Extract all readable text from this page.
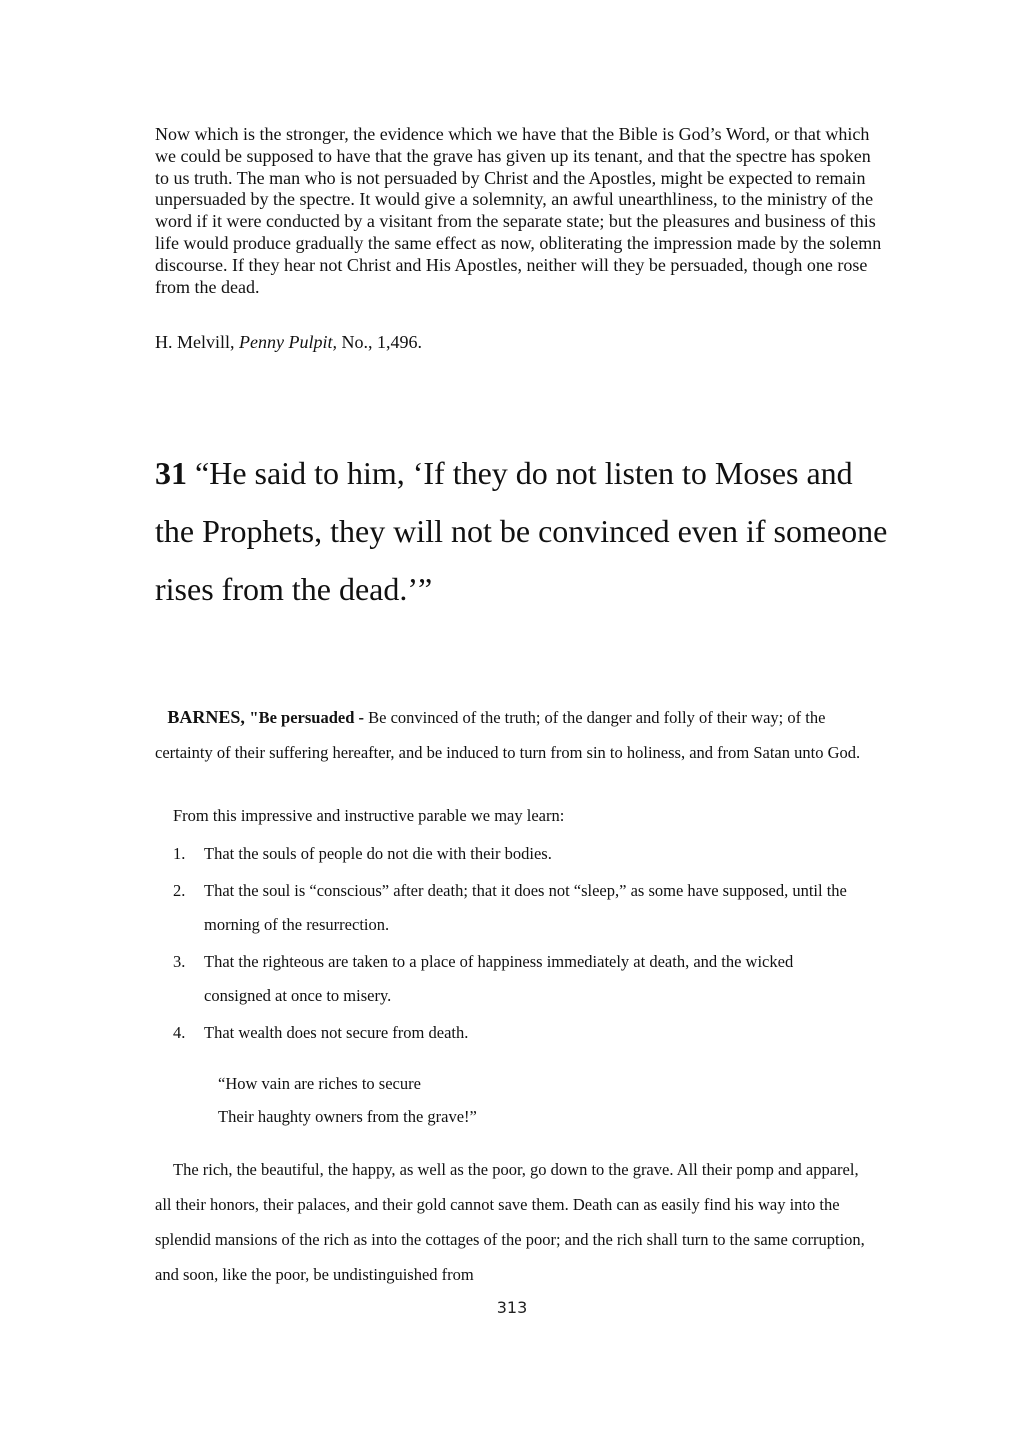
Now which is the stronger, the evidence which we have that the Bible is God’s Word, or that which we could be supposed to have that the grave has given up its tenant, and that the spectre has spoken to us truth. The man who is not persuaded by Christ and the Apostles, might be expected to remain unpersuaded by the spectre. It would give a solemnity, an awful unearthliness, to the ministry of the word if it were conducted by a visitant from the separate state; but the pleasures and business of this life would produce gradually the same effect as now, obliterating the impression made by the solemn discourse. If they hear not Christ and His Apostles, neither will they be persuaded, though one rose from the dead.

H. Melvill, Penny Pulpit, No., 1,496.

31 “He said to him, ‘If they do not listen to Moses and the Prophets, they will not be convinced even if someone rises from the dead.’”

BARNES, "Be persuaded - Be convinced of the truth; of the danger and folly of their way; of the certainty of their suffering hereafter, and be induced to turn from sin to holiness, and from Satan unto God.

From this impressive and instructive parable we may learn:

1. That the souls of people do not die with their bodies.
2. That the soul is “conscious” after death; that it does not “sleep,” as some have supposed, until the morning of the resurrection.
3. That the righteous are taken to a place of happiness immediately at death, and the wicked consigned at once to misery.
4. That wealth does not secure from death.
“How vain are riches to secure
Their haughty owners from the grave!”

The rich, the beautiful, the happy, as well as the poor, go down to the grave. All their pomp and apparel, all their honors, their palaces, and their gold cannot save them. Death can as easily find his way into the splendid mansions of the rich as into the cottages of the poor; and the rich shall turn to the same corruption, and soon, like the poor, be undistinguished from

313
